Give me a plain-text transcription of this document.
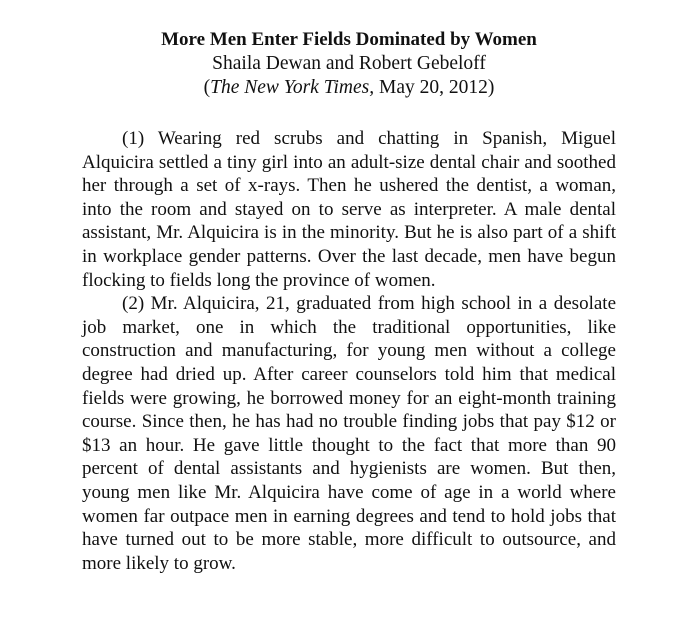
More Men Enter Fields Dominated by Women
Shaila Dewan and Robert Gebeloff
(The New York Times, May 20, 2012)

(1) Wearing red scrubs and chatting in Spanish, Miguel Alquicira settled a tiny girl into an adult-size dental chair and soothed her through a set of x-rays. Then he ushered the dentist, a woman, into the room and stayed on to serve as interpreter. A male dental assistant, Mr. Alquicira is in the minority. But he is also part of a shift in workplace gender patterns. Over the last decade, men have begun flocking to fields long the province of women.

(2) Mr. Alquicira, 21, graduated from high school in a desolate job market, one in which the traditional opportunities, like construction and manufacturing, for young men without a college degree had dried up. After career counselors told him that medical fields were growing, he borrowed money for an eight-month training course. Since then, he has had no trouble finding jobs that pay $12 or $13 an hour. He gave little thought to the fact that more than 90 percent of dental assistants and hygienists are women. But then, young men like Mr. Alquicira have come of age in a world where women far outpace men in earning degrees and tend to hold jobs that have turned out to be more stable, more difficult to outsource, and more likely to grow.
